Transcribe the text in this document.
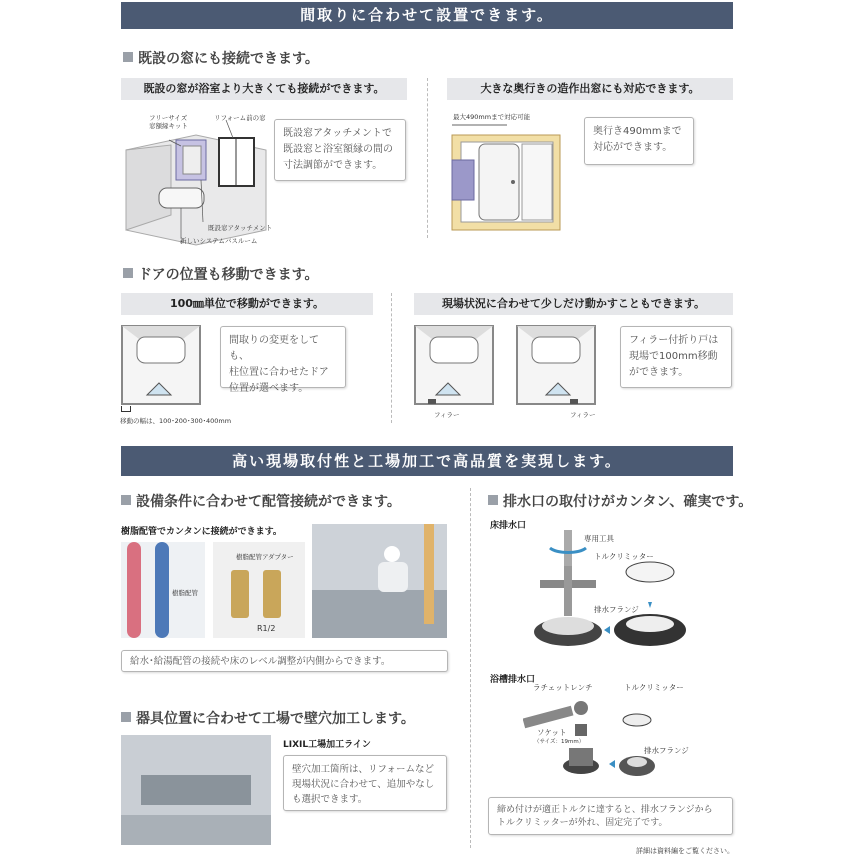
間取りに合わせて設置できます。
既設の窓にも接続できます。
既設の窓が浴室より大きくても接続ができます。	大きな奥行きの造作出窓にも対応できます。
フリーサイズ
窓額縁キット
リフォーム前の窓
既設窓アタッチメント
新しいシステムバスルーム
既設窓アタッチメントで
既設窓と浴室額縁の間の
寸法調節ができます。
最大490mmまで対応可能
奥行き490mmまで
対応ができます。
ドアの位置も移動できます。
100㎜単位で移動ができます。	現場状況に合わせて少しだけ動かすこともできます。
移動の幅は、100･200･300･400mm
間取りの変更をしても、
柱位置に合わせたドア
位置が選べます。
フィラー	フィラー
フィラー付折り戸は
現場で100mm移動
ができます。
高い現場取付性と工場加工で高品質を実現します。
設備条件に合わせて配管接続ができます。
樹脂配管でカンタンに接続ができます。
樹脂配管
樹脂配管アダプター
R1/2
給水･給湯配管の接続や床のレベル調整が内側からできます。
器具位置に合わせて工場で壁穴加工します。
LIXIL工場加工ライン
壁穴加工箇所は、リフォームなど
現場状況に合わせて、追加やなし
も選択できます。
排水口の取付けがカンタン、確実です。
床排水口
専用工具
トルクリミッター
排水フランジ
浴槽排水口
ラチェットレンチ	トルクリミッター
ソケット
（サイズ：19mm）
排水フランジ
締め付けが適正トルクに達すると、排水フランジから
トルクリミッターが外れ、固定完了です。
詳細は資料編をご覧ください。
